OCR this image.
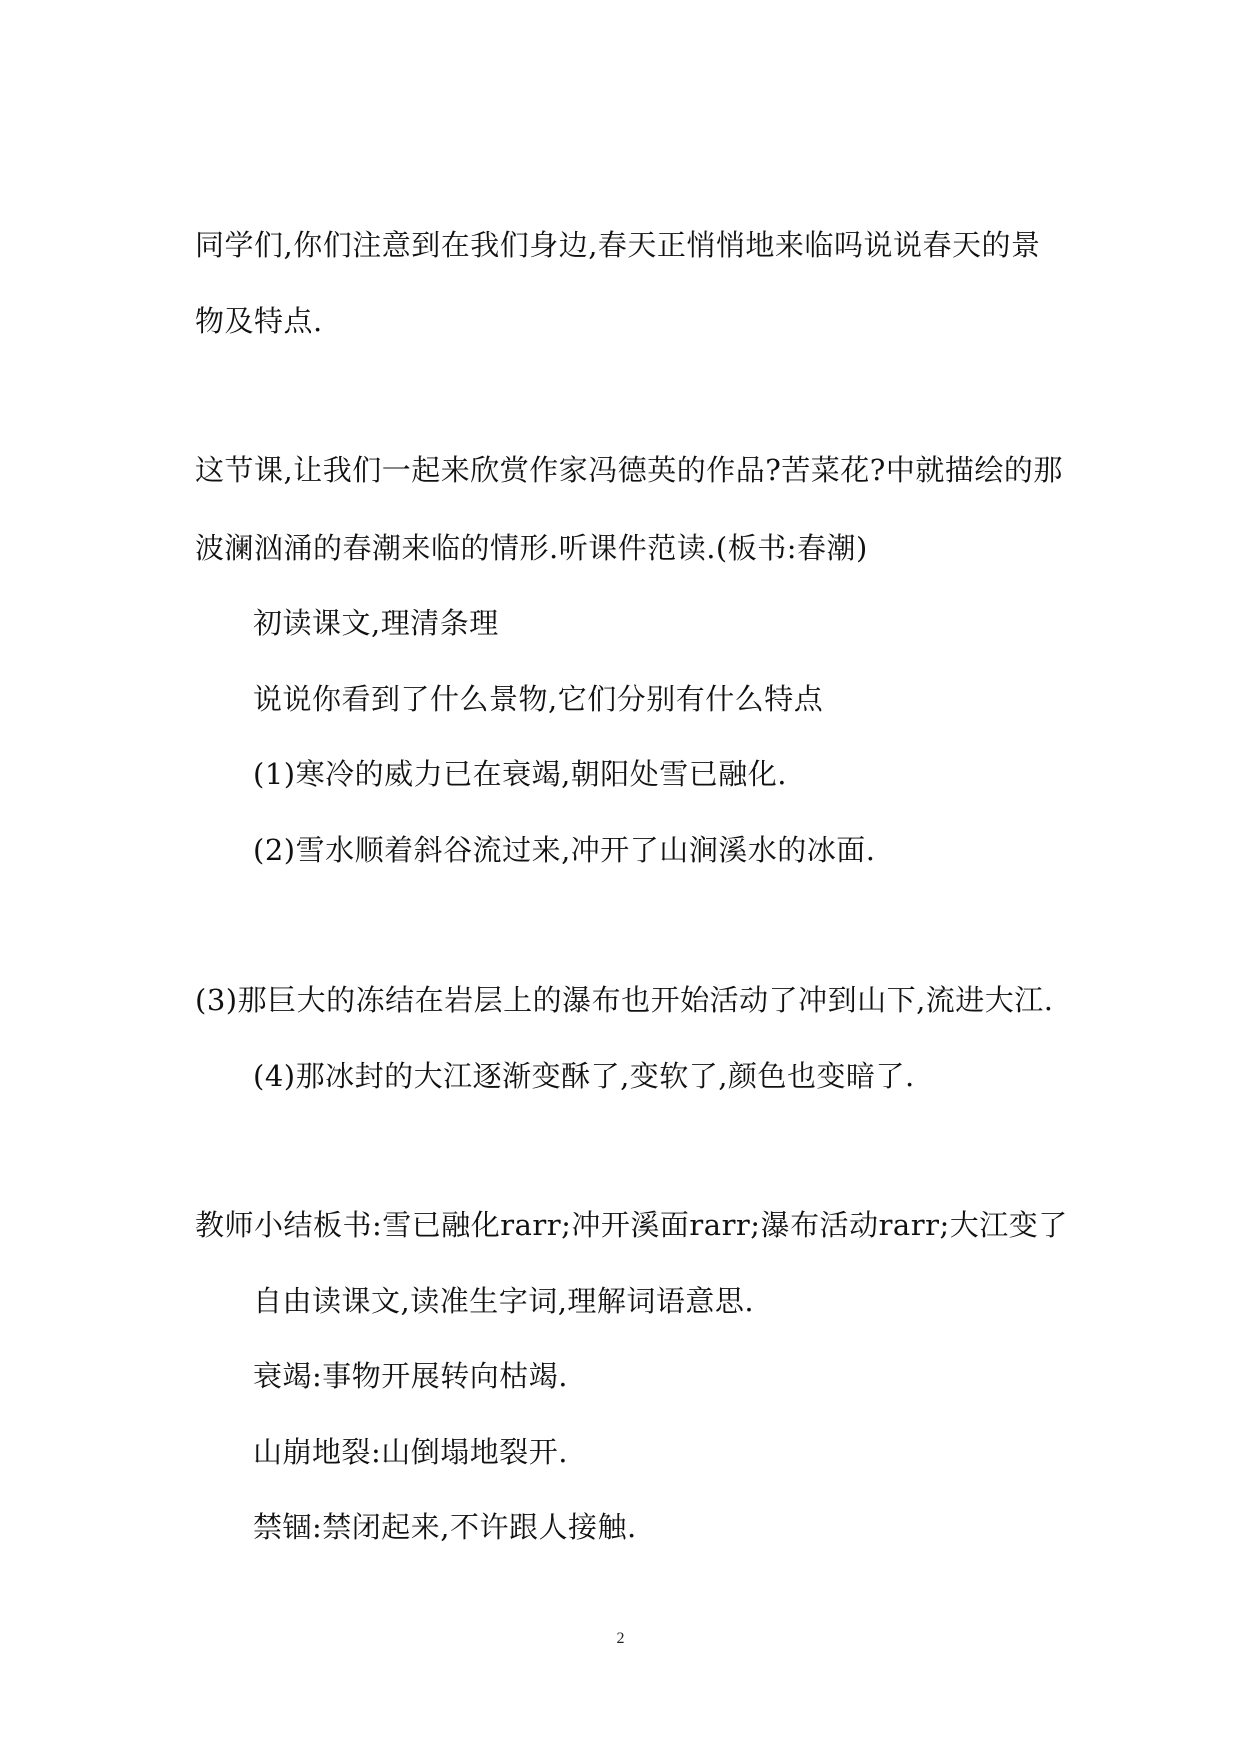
同学们,你们注意到在我们身边,春天正悄悄地来临吗说说春天的景
物及特点.
这节课,让我们一起来欣赏作家冯德英的作品?苦菜花?中就描绘的那
波澜汹涌的春潮来临的情形.听课件范读.(板书:春潮)
初读课文,理清条理
说说你看到了什么景物,它们分别有什么特点
(1)寒冷的威力已在衰竭,朝阳处雪已融化.
(2)雪水顺着斜谷流过来,冲开了山涧溪水的冰面.
(3)那巨大的冻结在岩层上的瀑布也开始活动了冲到山下,流进大江.
(4)那冰封的大江逐渐变酥了,变软了,颜色也变暗了.
教师小结板书:雪已融化rarr;冲开溪面rarr;瀑布活动rarr;大江变了
自由读课文,读准生字词,理解词语意思.
衰竭:事物开展转向枯竭.
山崩地裂:山倒塌地裂开.
禁锢:禁闭起来,不许跟人接触.
2
